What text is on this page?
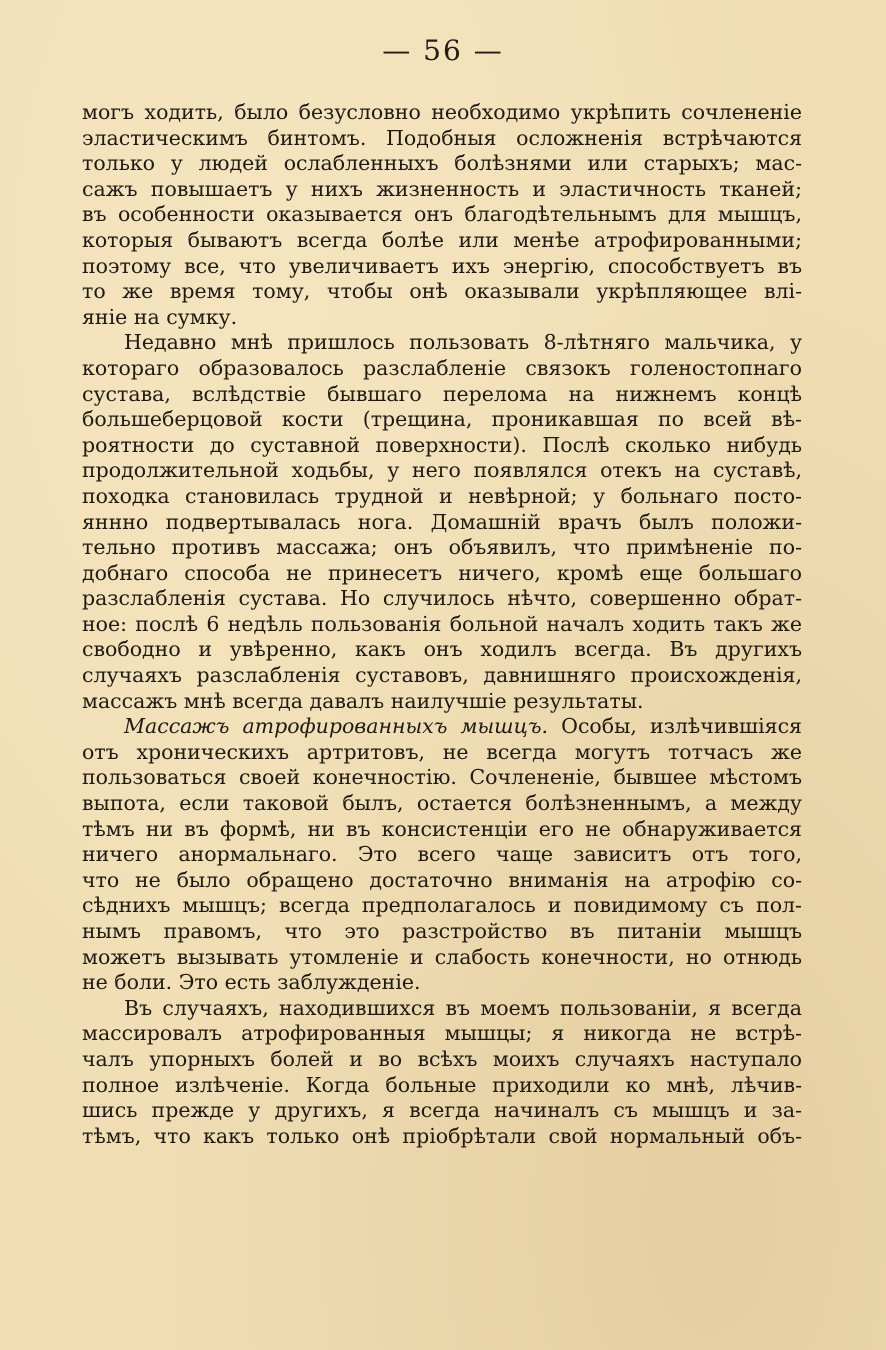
— 56 —
могъ ходить, было безусловно необходимо укрѣпить сочлененіе
эластическимъ бинтомъ. Подобныя осложненія встрѣчаются
только у людей ослабленныхъ болѣзнями или старыхъ; мас-
сажъ повышаетъ у нихъ жизненность и эластичность тканей;
въ особенности оказывается онъ благодѣтельнымъ для мышцъ,
которыя бываютъ всегда болѣе или менѣе атрофированными;
поэтому все, что увеличиваетъ ихъ энергію, способствуетъ въ
то же время тому, чтобы онѣ оказывали укрѣпляющее влі-
яніе на сумку.
Недавно мнѣ пришлось пользовать 8-лѣтняго мальчика, у
котораго образовалось разслабленіе связокъ голеностопнаго
сустава, вслѣдствіе бывшаго перелома на нижнемъ концѣ
большеберцовой кости (трещина, проникавшая по всей вѣ-
роятности до суставной поверхности). Послѣ сколько нибудь
продолжительной ходьбы, у него появлялся отекъ на суставѣ,
походка становилась трудной и невѣрной; у больнаго посто-
яннно подвертывалась нога. Домашній врачъ былъ положи-
тельно противъ массажа; онъ объявилъ, что примѣненіе по-
добнаго способа не принесетъ ничего, кромѣ еще большаго
разслабленія сустава. Но случилось нѣчто, совершенно обрат-
ное: послѣ 6 недѣль пользованія больной началъ ходить такъ же
свободно и увѣренно, какъ онъ ходилъ всегда. Въ другихъ
случаяхъ разслабленія суставовъ, давнишняго происхожденія,
массажъ мнѣ всегда давалъ наилучшіе результаты.
Массажъ атрофированныхъ мышцъ. Особы, излѣчившіяся
отъ хроническихъ артритовъ, не всегда могутъ тотчасъ же
пользоваться своей конечностію. Сочлененіе, бывшее мѣстомъ
выпота, если таковой былъ, остается болѣзненнымъ, а между
тѣмъ ни въ формѣ, ни въ консистенціи его не обнаруживается
ничего анормальнаго. Это всего чаще зависитъ отъ того,
что не было обращено достаточно вниманія на атрофію со-
сѣднихъ мышцъ; всегда предполагалось и повидимому съ пол-
нымъ правомъ, что это разстройство въ питаніи мышцъ
можетъ вызывать утомленіе и слабость конечности, но отнюдь
не боли. Это есть заблужденіе.
Въ случаяхъ, находившихся въ моемъ пользованіи, я всегда
массировалъ атрофированныя мышцы; я никогда не встрѣ-
чалъ упорныхъ болей и во всѣхъ моихъ случаяхъ наступало
полное излѣченіе. Когда больные приходили ко мнѣ, лѣчив-
шись прежде у другихъ, я всегда начиналъ съ мышцъ и за-
тѣмъ, что какъ только онѣ пріобрѣтали свой нормальный объ-
